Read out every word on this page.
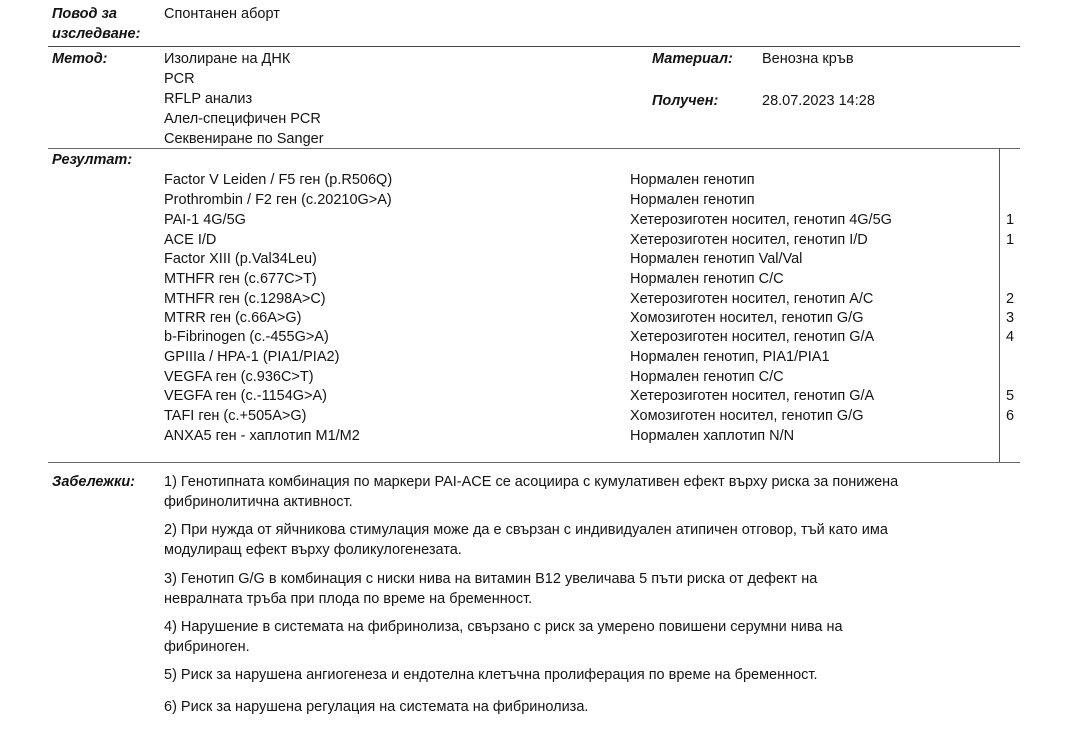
Повод за
изследване:
Спонтанен аборт
Метод:	Изолиране на ДНК
PCR
RFLP анализ
Алел-специфичен PCR
Секвениране по Sanger
Материал: Венозна кръв
Получен:	28.07.2023 14:28
Резултат:
Factor V Leiden / F5 ген (p.R506Q)	Нормален генотип
Prothrombin / F2 ген (c.20210G>A)	Нормален генотип
PAI-1 4G/5G	Хетерозиготен носител, генотип 4G/5G	1
ACE I/D	Хетерозиготен носител, генотип I/D	1
Factor XIII (p.Val34Leu)	Нормален генотип Val/Val
MTHFR ген (c.677C>T)	Нормален генотип C/C
MTHFR ген (c.1298A>C)	Хетерозиготен носител, генотип A/C	2
MTRR ген (c.66A>G)	Хомозиготен носител, генотип G/G	3
b-Fibrinogen (c.-455G>A)	Хетерозиготен носител, генотип G/A	4
GPIIIa / HPA-1 (PIA1/PIA2)	Нормален генотип, PIA1/PIA1
VEGFA ген (c.936C>T)	Нормален генотип C/C
VEGFA ген (c.-1154G>A)	Хетерозиготен носител, генотип G/A	5
TAFI ген (c.+505A>G)	Хомозиготен носител, генотип G/G	6
ANXA5 ген - хаплотип M1/M2	Нормален хаплотип N/N
Забележки: 1) Генотипната комбинация по маркери PAI-ACE се асоциира с кумулативен ефект върху риска за понижена
фибринолитична активност.
2) При нужда от яйчникова стимулация може да е свързан с индивидуален атипичен отговор, тъй като има
модулиращ ефект върху фоликулогенезата.
3) Генотип G/G в комбинация с ниски нива на витамин B12 увеличава 5 пъти риска от дефект на
невралната тръба при плода по време на бременност.
4) Нарушение в системата на фибринолиза, свързано с риск за умерено повишени серумни нива на
фибриноген.
5) Риск за нарушена ангиогенеза и ендотелна клетъчна пролиферация по време на бременност.
6) Риск за нарушена регулация на системата на фибринолиза.
